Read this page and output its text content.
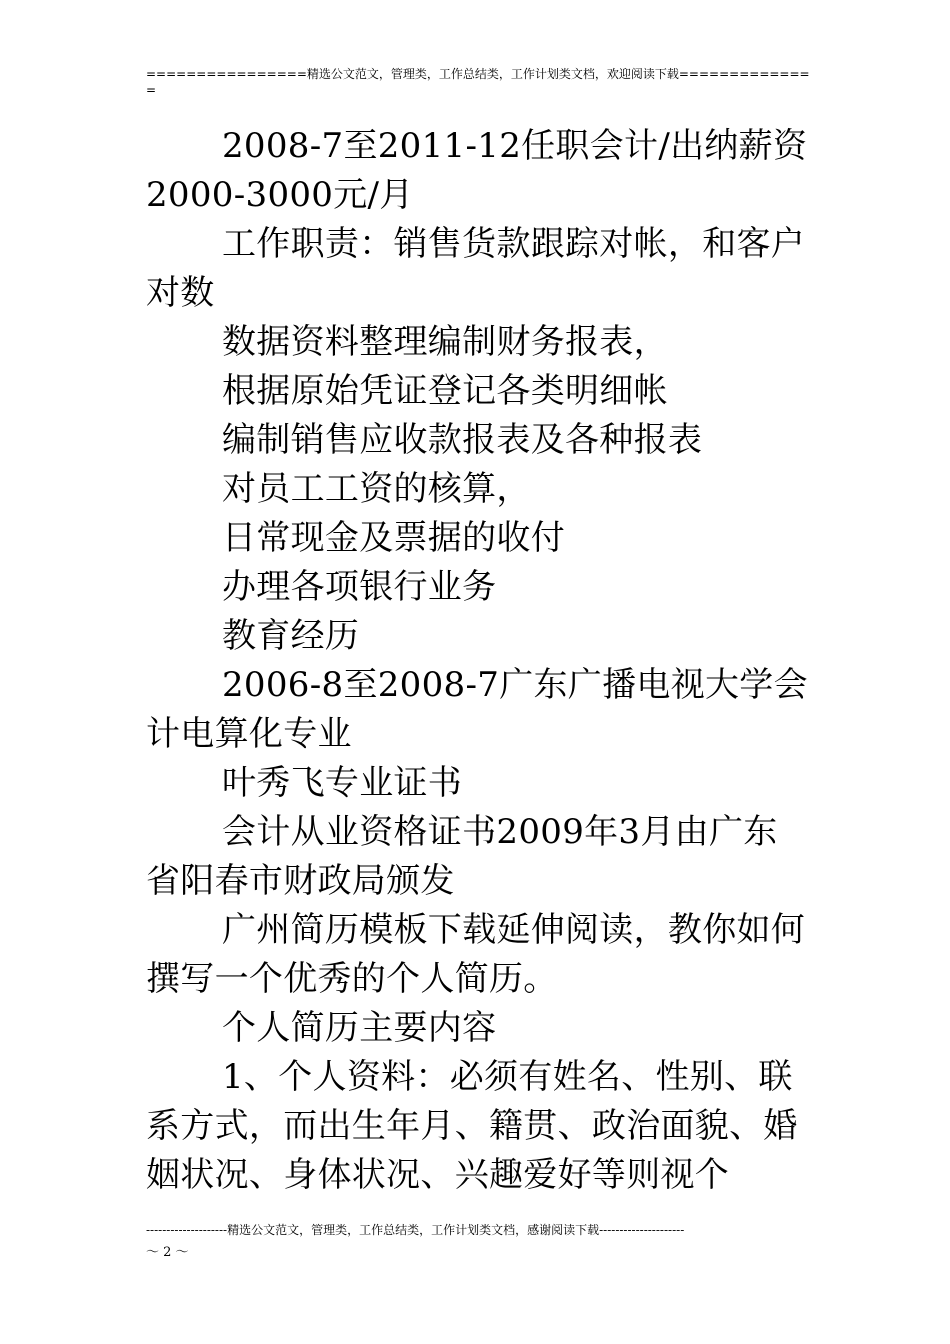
================精选公文范文，管理类，工作总结类，工作计划类文档，欢迎阅读下载==============

2008-7至2011-12任职会计/出纳薪资2000-3000元/月

工作职责：销售货款跟踪对帐，和客户对数

数据资料整理编制财务报表，

根据原始凭证登记各类明细帐

编制销售应收款报表及各种报表

对员工工资的核算，

日常现金及票据的收付

办理各项银行业务

教育经历

2006-8至2008-7广东广播电视大学会计电算化专业

叶秀飞专业证书

会计从业资格证书2009年3月由广东省阳春市财政局颁发

广州简历模板下载延伸阅读，教你如何撰写一个优秀的个人简历。

个人简历主要内容

1、个人资料：必须有姓名、性别、联系方式，而出生年月、籍贯、政治面貌、婚姻状况、身体状况、兴趣爱好等则视个

--------------------精选公文范文，管理类，工作总结类，工作计划类文档，感谢阅读下载---------------------
～ 2 ～
